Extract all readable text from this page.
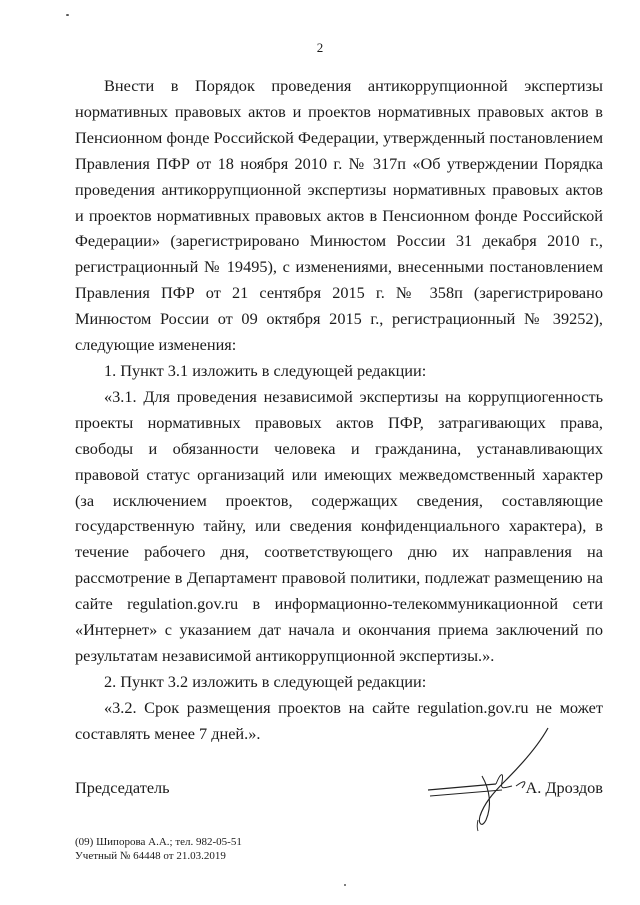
2

Внести в Порядок проведения антикоррупционной экспертизы нормативных правовых актов и проектов нормативных правовых актов в Пенсионном фонде Российской Федерации, утвержденный постановлением Правления ПФР от 18 ноября 2010 г. № 317п «Об утверждении Порядка проведения антикоррупционной экспертизы нормативных правовых актов и проектов нормативных правовых актов в Пенсионном фонде Российской Федерации» (зарегистрировано Минюстом России 31 декабря 2010 г., регистрационный № 19495), с изменениями, внесенными постановлением Правления ПФР от 21 сентября 2015 г. № 358п (зарегистрировано Минюстом России от 09 октября 2015 г., регистрационный № 39252), следующие изменения:

1. Пункт 3.1 изложить в следующей редакции:

«3.1. Для проведения независимой экспертизы на коррупциогенность проекты нормативных правовых актов ПФР, затрагивающих права, свободы и обязанности человека и гражданина, устанавливающих правовой статус организаций или имеющих межведомственный характер (за исключением проектов, содержащих сведения, составляющие государственную тайну, или сведения конфиденциального характера), в течение рабочего дня, соответствующего дню их направления на рассмотрение в Департамент правовой политики, подлежат размещению на сайте regulation.gov.ru в информационно-телекоммуникационной сети «Интернет» с указанием дат начала и окончания приема заключений по результатам независимой антикоррупционной экспертизы.».

2. Пункт 3.2 изложить в следующей редакции:

«3.2. Срок размещения проектов на сайте regulation.gov.ru не может составлять менее 7 дней.».

Председатель	А. Дроздов
(09) Шипорова А.А.; тел. 982-05-51
Учетный № 64448 от 21.03.2019
